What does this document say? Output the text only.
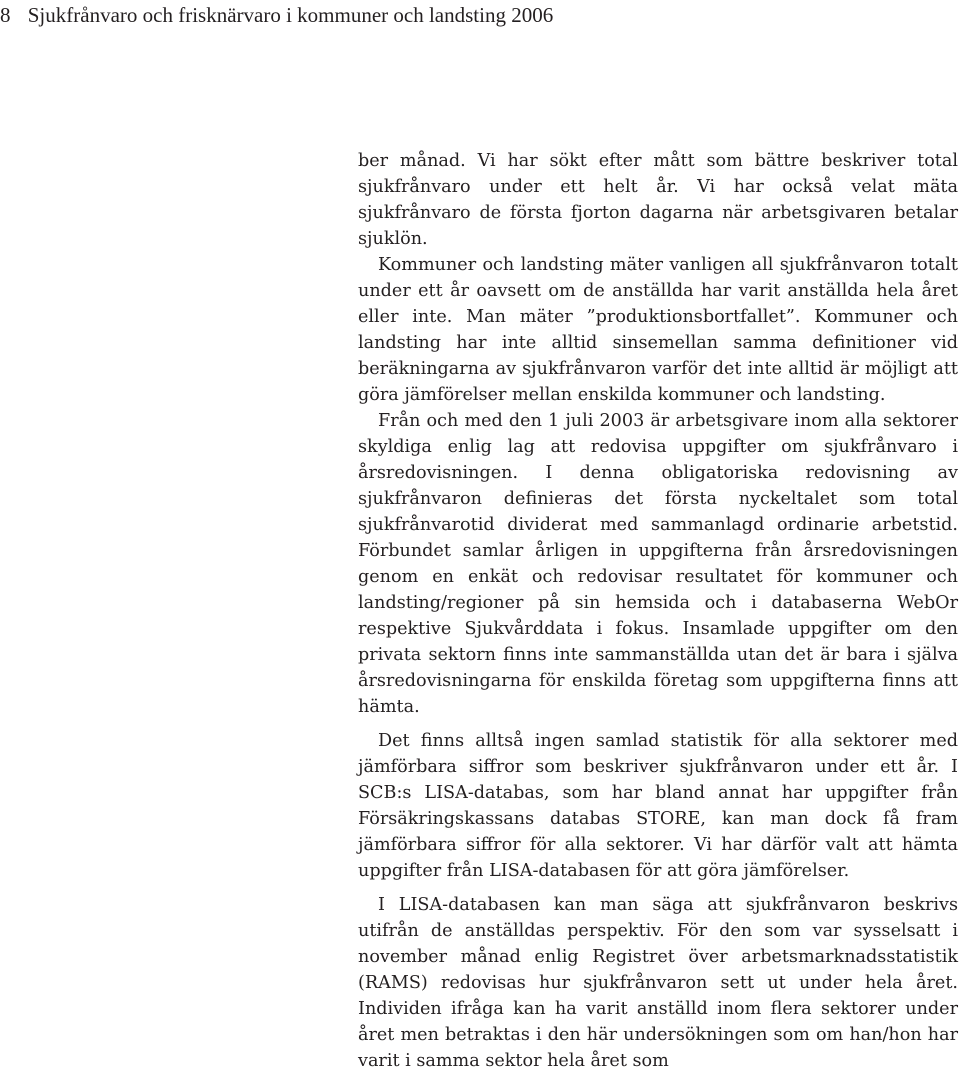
8 Sjukfrånvaro och frisknärvaro i kommuner och landsting 2006

ber månad. Vi har sökt efter mått som bättre beskriver total sjukfrånvaro under ett helt år. Vi har också velat mäta sjukfrånvaro de första fjorton dagarna när arbetsgivaren betalar sjuklön.

Kommuner och landsting mäter vanligen all sjukfrånvaron totalt under ett år oavsett om de anställda har varit anställda hela året eller inte. Man mäter ”produktionsbortfallet”. Kommuner och landsting har inte alltid sinsemellan samma definitioner vid beräkningarna av sjukfrånvaron varför det inte alltid är möjligt att göra jämförelser mellan enskilda kommuner och landsting.

Från och med den 1 juli 2003 är arbetsgivare inom alla sektorer skyldiga enlig lag att redovisa uppgifter om sjukfrånvaro i årsredovisningen. I denna obligatoriska redovisning av sjukfrånvaron definieras det första nyckeltalet som total sjukfrånvarotid dividerat med sammanlagd ordinarie arbetstid. Förbundet samlar årligen in uppgifterna från årsredovisningen genom en enkät och redovisar resultatet för kommuner och landsting/regioner på sin hemsida och i databaserna WebOr respektive Sjukvårddata i fokus. Insamlade uppgifter om den privata sektorn finns inte sammanställda utan det är bara i själva årsredovisningarna för enskilda företag som uppgifterna finns att hämta.

Det finns alltså ingen samlad statistik för alla sektorer med jämförbara siffror som beskriver sjukfrånvaron under ett år. I SCB:s LISA-databas, som har bland annat har uppgifter från Försäkringskassans databas STORE, kan man dock få fram jämförbara siffror för alla sektorer. Vi har därför valt att hämta uppgifter från LISA-databasen för att göra jämförelser.

I LISA-databasen kan man säga att sjukfrånvaron beskrivs utifrån de anställdas perspektiv. För den som var sysselsatt i november månad enlig Registret över arbetsmarknadsstatistik (RAMS) redovisas hur sjukfrånvaron sett ut under hela året. Individen ifråga kan ha varit anställd inom flera sektorer under året men betraktas i den här undersökningen som om han/hon har varit i samma sektor hela året som
